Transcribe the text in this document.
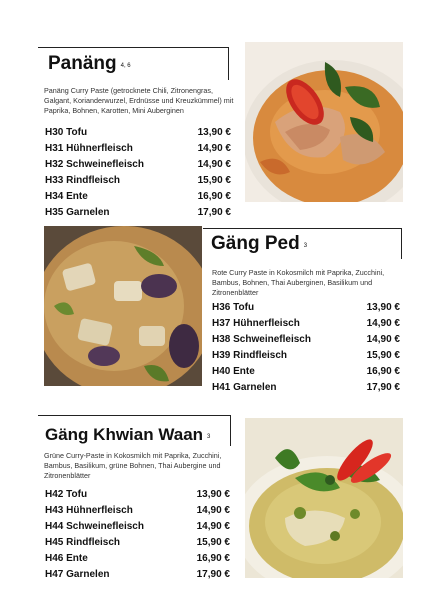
Panäng $^{4, 6}$
Panäng Curry Paste (getrocknete Chili, Zitronengras, Galgant, Korianderwurzel, Erdnüsse und Kreuzkümmel) mit Paprika, Bohnen, Karotten, Mini Auberginen
H30 Tofu	13,90 €
H31 Hühnerfleisch	14,90 €
H32 Schweinefleisch	14,90 €
H33 Rindfleisch	15,90 €
H34 Ente	16,90 €
H35 Garnelen	17,90 €
Gäng Ped $^3$
Rote Curry Paste in Kokosmilch mit Paprika, Zucchini, Bambus, Bohnen, Thai Auberginen, Basilikum und Zitronenblätter
H36 Tofu	13,90 €
H37 Hühnerfleisch	14,90 €
H38 Schweinefleisch	14,90 €
H39 Rindfleisch	15,90 €
H40 Ente	16,90 €
H41 Garnelen	17,90 €
Gäng Khwian Waan $^3$
Grüne Curry-Paste in Kokosmilch mit Paprika, Zucchini, Bambus, Basilikum, grüne Bohnen, Thai Aubergine und Zitronenblätter
H42 Tofu	13,90 €
H43 Hühnerfleisch	14,90 €
H44 Schweinefleisch	14,90 €
H45 Rindfleisch	15,90 €
H46 Ente	16,90 €
H47 Garnelen	17,90 €
